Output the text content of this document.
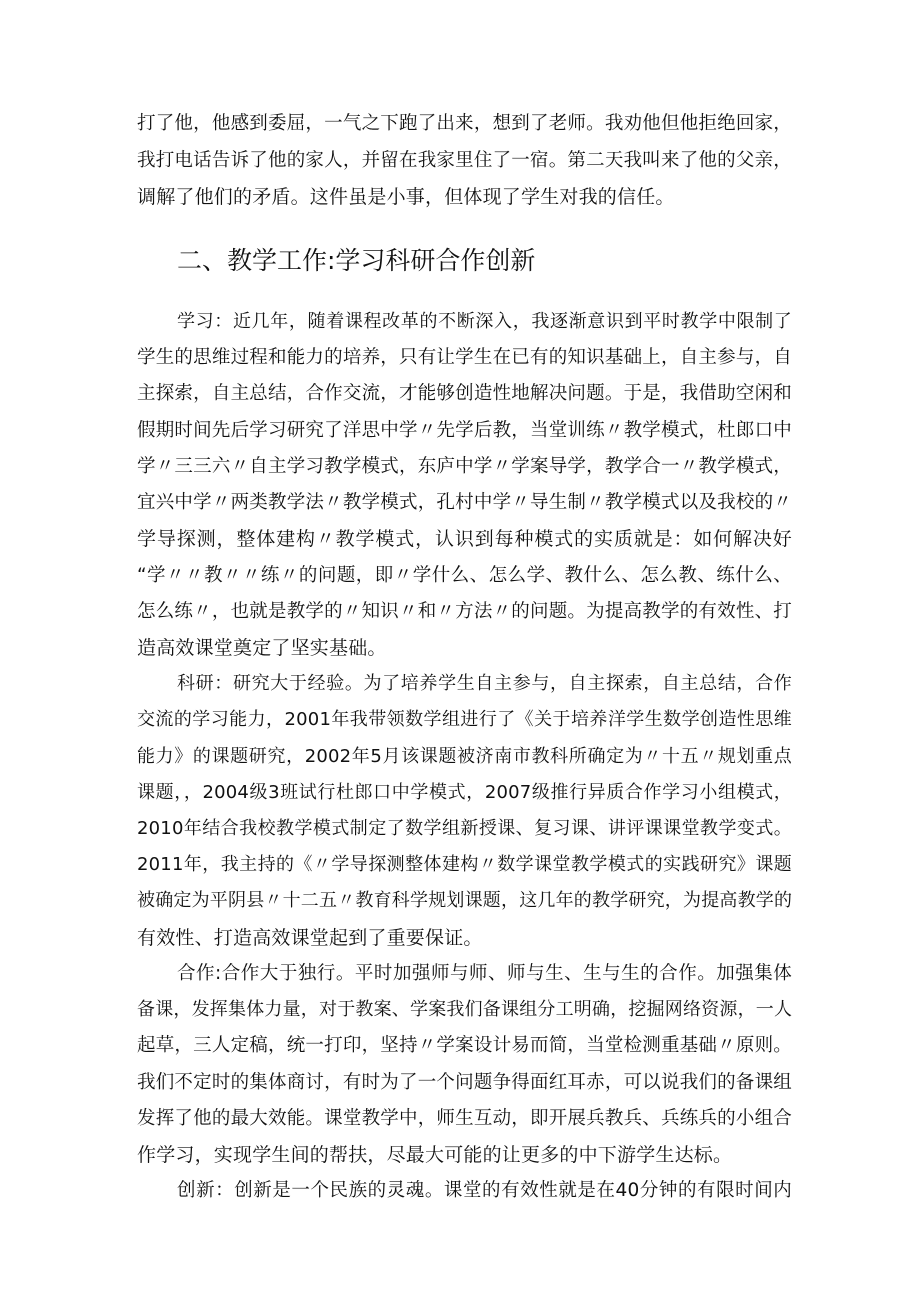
打了他，他感到委屈，一气之下跑了出来，想到了老师。我劝他但他拒绝回家，
我打电话告诉了他的家人，并留在我家里住了一宿。第二天我叫来了他的父亲，
调解了他们的矛盾。这件虽是小事，但体现了学生对我的信任。
二、教学工作:学习科研合作创新
学习：近几年，随着课程改革的不断深入，我逐渐意识到平时教学中限制了
学生的思维过程和能力的培养，只有让学生在已有的知识基础上，自主参与，自
主探索，自主总结，合作交流，才能够创造性地解决问题。于是，我借助空闲和
假期时间先后学习研究了洋思中学〃先学后教，当堂训练〃教学模式，杜郎口中
学〃三三六〃自主学习教学模式，东庐中学〃学案导学，教学合一〃教学模式，
宜兴中学〃两类教学法〃教学模式，孔村中学〃导生制〃教学模式以及我校的〃
学导探测，整体建构〃教学模式，认识到每种模式的实质就是：如何解决好
“学〃〃教〃〃练〃的问题，即〃学什么、怎么学、教什么、怎么教、练什么、
怎么练〃，也就是教学的〃知识〃和〃方法〃的问题。为提高教学的有效性、打
造高效课堂奠定了坚实基础。
科研：研究大于经验。为了培养学生自主参与，自主探索，自主总结，合作
交流的学习能力，2001年我带领数学组进行了《关于培养洋学生数学创造性思维
能力》的课题研究，2002年5月该课题被济南市教科所确定为〃十五〃规划重点
课题，，2004级3班试行杜郎口中学模式，2007级推行异质合作学习小组模式，
2010年结合我校教学模式制定了数学组新授课、复习课、讲评课课堂教学变式。
2011年，我主持的《〃学导探测整体建构〃数学课堂教学模式的实践研究》课题
被确定为平阴县〃十二五〃教育科学规划课题，这几年的教学研究，为提高教学的
有效性、打造高效课堂起到了重要保证。
合作:合作大于独行。平时加强师与师、师与生、生与生的合作。加强集体
备课，发挥集体力量，对于教案、学案我们备课组分工明确，挖掘网络资源，一人
起草，三人定稿，统一打印，坚持〃学案设计易而简，当堂检测重基础〃原则。
我们不定时的集体商讨，有时为了一个问题争得面红耳赤，可以说我们的备课组
发挥了他的最大效能。课堂教学中，师生互动，即开展兵教兵、兵练兵的小组合
作学习，实现学生间的帮扶，尽最大可能的让更多的中下游学生达标。
创新：创新是一个民族的灵魂。课堂的有效性就是在40分钟的有限时间内
